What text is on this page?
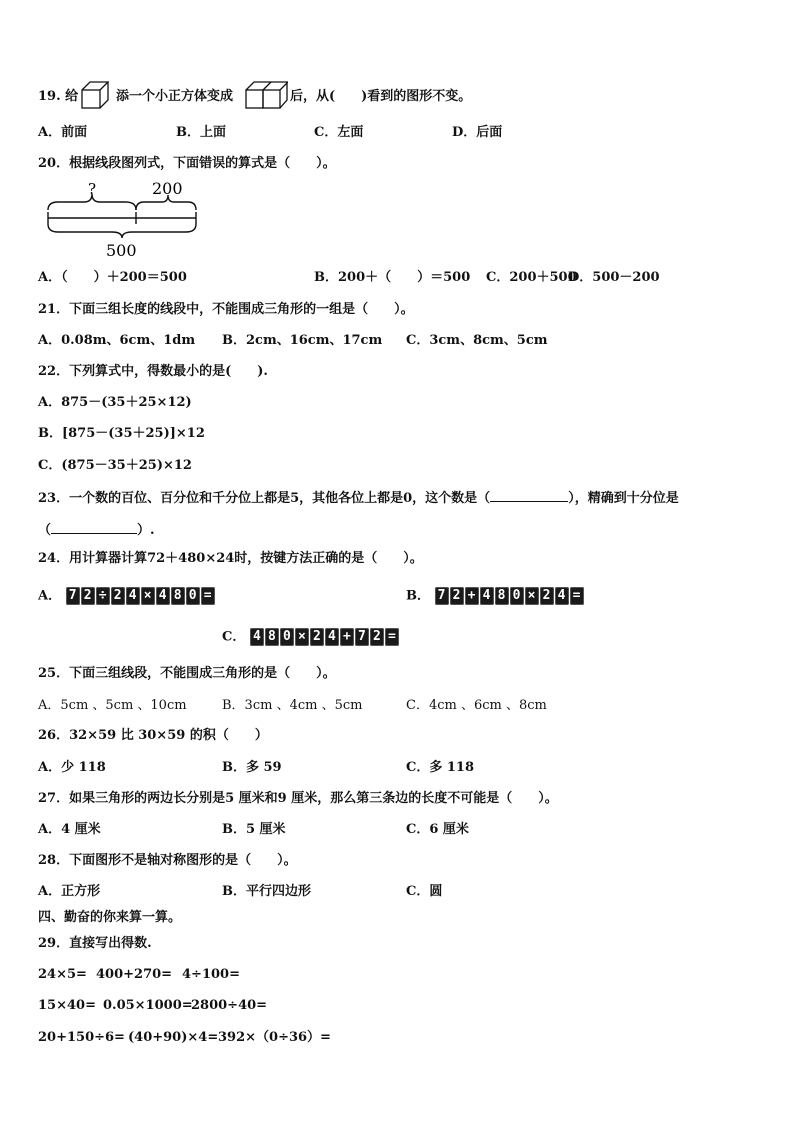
19. 给	添一个小正方体变成	后，从(　　)看到的图形不变。
A．前面	B．上面	C．左面	D．后面
20．根据线段图列式，下面错误的算式是（　　）。
?	200
500
A．（　　）＋200＝500	B．200＋（　　）＝500 C．200＋500
D．500－200
21．下面三组长度的线段中，不能围成三角形的一组是（　　）。
A．0.08m、6cm、1dm B．2cm、16cm、17cm C．3cm、8cm、5cm
22．下列算式中，得数最小的是(　　).
A．875－(35＋25×12)
B．[875－(35＋25)]×12
C．(875－35＋25)×12
23．一个数的百位、百分位和千分位上都是5，其他各位上都是0，这个数是（	），精确到十分位是
（	）.
24．用计算器计算72＋480×24时，按键方法正确的是（　　）。
A． 7 2 ÷ 2 4 × 4 8 0 =	B． 7 2 + 4 8 0 × 2 4 =
C． 4 8 0 × 2 4 + 7 2 =
25．下面三组线段，不能围成三角形的是（　　）。
A．5cm 、5cm 、10cm	B．3cm 、4cm 、5cm	C．4cm 、6cm 、8cm
26．32×59 比 30×59 的积（　　）
A．少 118	B．多 59	C．多 118
27．如果三角形的两边长分别是5 厘米和9 厘米，那么第三条边的长度不可能是（　　）。
A．4 厘米	B．5 厘米	C．6 厘米
28．下面图形不是轴对称图形的是（　　）。
A．正方形	B．平行四边形	C．圆
四、勤奋的你来算一算。
29．直接写出得数.
24×5= 400+270= 4÷100=
15×40= 0.05×1000=
2800÷40=
20+150÷6= (40+90)×4= 392×（0÷36）=
